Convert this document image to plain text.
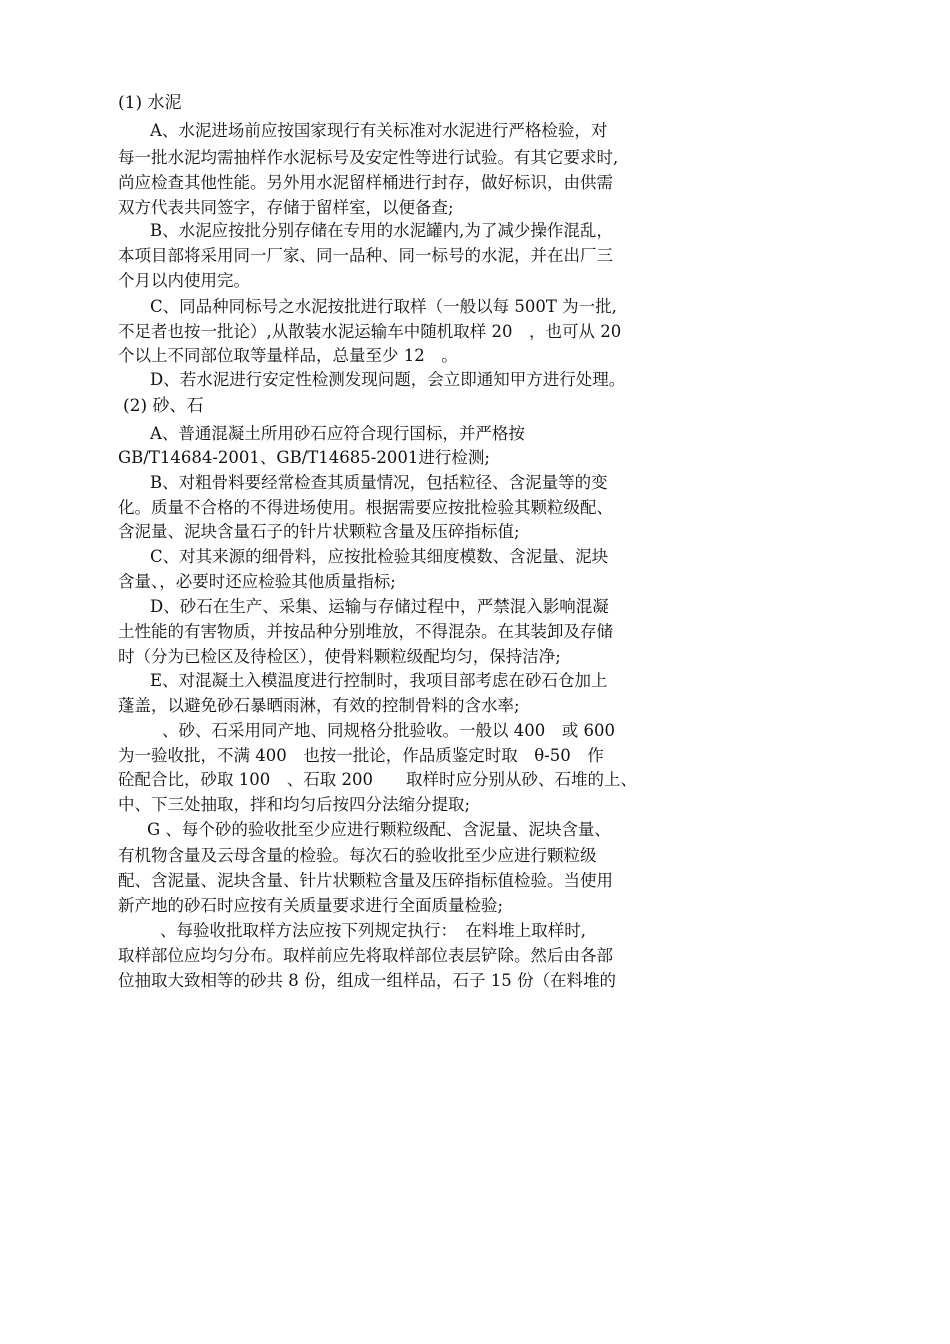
(1) 水泥
A、水泥进场前应按国家现行有关标准对水泥进行严格检验，对
每一批水泥均需抽样作水泥标号及安定性等进行试验。有其它要求时,
尚应检查其他性能。另外用水泥留样桶进行封存，做好标识，由供需
双方代表共同签字，存储于留样室，以便备查;
B、水泥应按批分别存储在专用的水泥罐内,为了减少操作混乱，
本项目部将采用同一厂家、同一品种、同一标号的水泥，并在出厂三
个月以内使用完。
C、同品种同标号之水泥按批进行取样（一般以每 500T 为一批,
不足者也按一批论）,从散装水泥运输车中随机取样 20　，也可从 20
个以上不同部位取等量样品，总量至少 12　。
D、若水泥进行安定性检测发现问题，会立即通知甲方进行处理。
(2) 砂、石
A、普通混凝土所用砂石应符合现行国标，并严格按
GB/T14684-2001、GB/T14685-2001进行检测;
B、对粗骨料要经常检查其质量情况，包括粒径、含泥量等的变
化。质量不合格的不得进场使用。根据需要应按批检验其颗粒级配、
含泥量、泥块含量石子的针片状颗粒含量及压碎指标值;
C、对其来源的细骨料，应按批检验其细度模数、含泥量、泥块
含量、，必要时还应检验其他质量指标;
D、砂石在生产、采集、运输与存储过程中，严禁混入影响混凝
土性能的有害物质，并按品种分别堆放，不得混杂。在其装卸及存储
时（分为已检区及待检区），使骨料颗粒级配均匀，保持洁净;
E、对混凝土入模温度进行控制时，我项目部考虑在砂石仓加上
蓬盖，以避免砂石暴晒雨淋，有效的控制骨料的含水率;
、砂、石采用同产地、同规格分批验收。一般以 400　或 600
为一验收批，不满 400　也按一批论，作品质鉴定时取　θ-50　作
砼配合比，砂取 100　、石取 200　　取样时应分别从砂、石堆的上、
中、下三处抽取，拌和均匀后按四分法缩分提取;
G 、每个砂的验收批至少应进行颗粒级配、含泥量、泥块含量、
有机物含量及云母含量的检验。每次石的验收批至少应进行颗粒级
配、含泥量、泥块含量、针片状颗粒含量及压碎指标值检验。当使用
新产地的砂石时应按有关质量要求进行全面质量检验;
、每验收批取样方法应按下列规定执行：　在料堆上取样时,
取样部位应均匀分布。取样前应先将取样部位表层铲除。然后由各部
位抽取大致相等的砂共 8 份，组成一组样品，石子 15 份（在料堆的
